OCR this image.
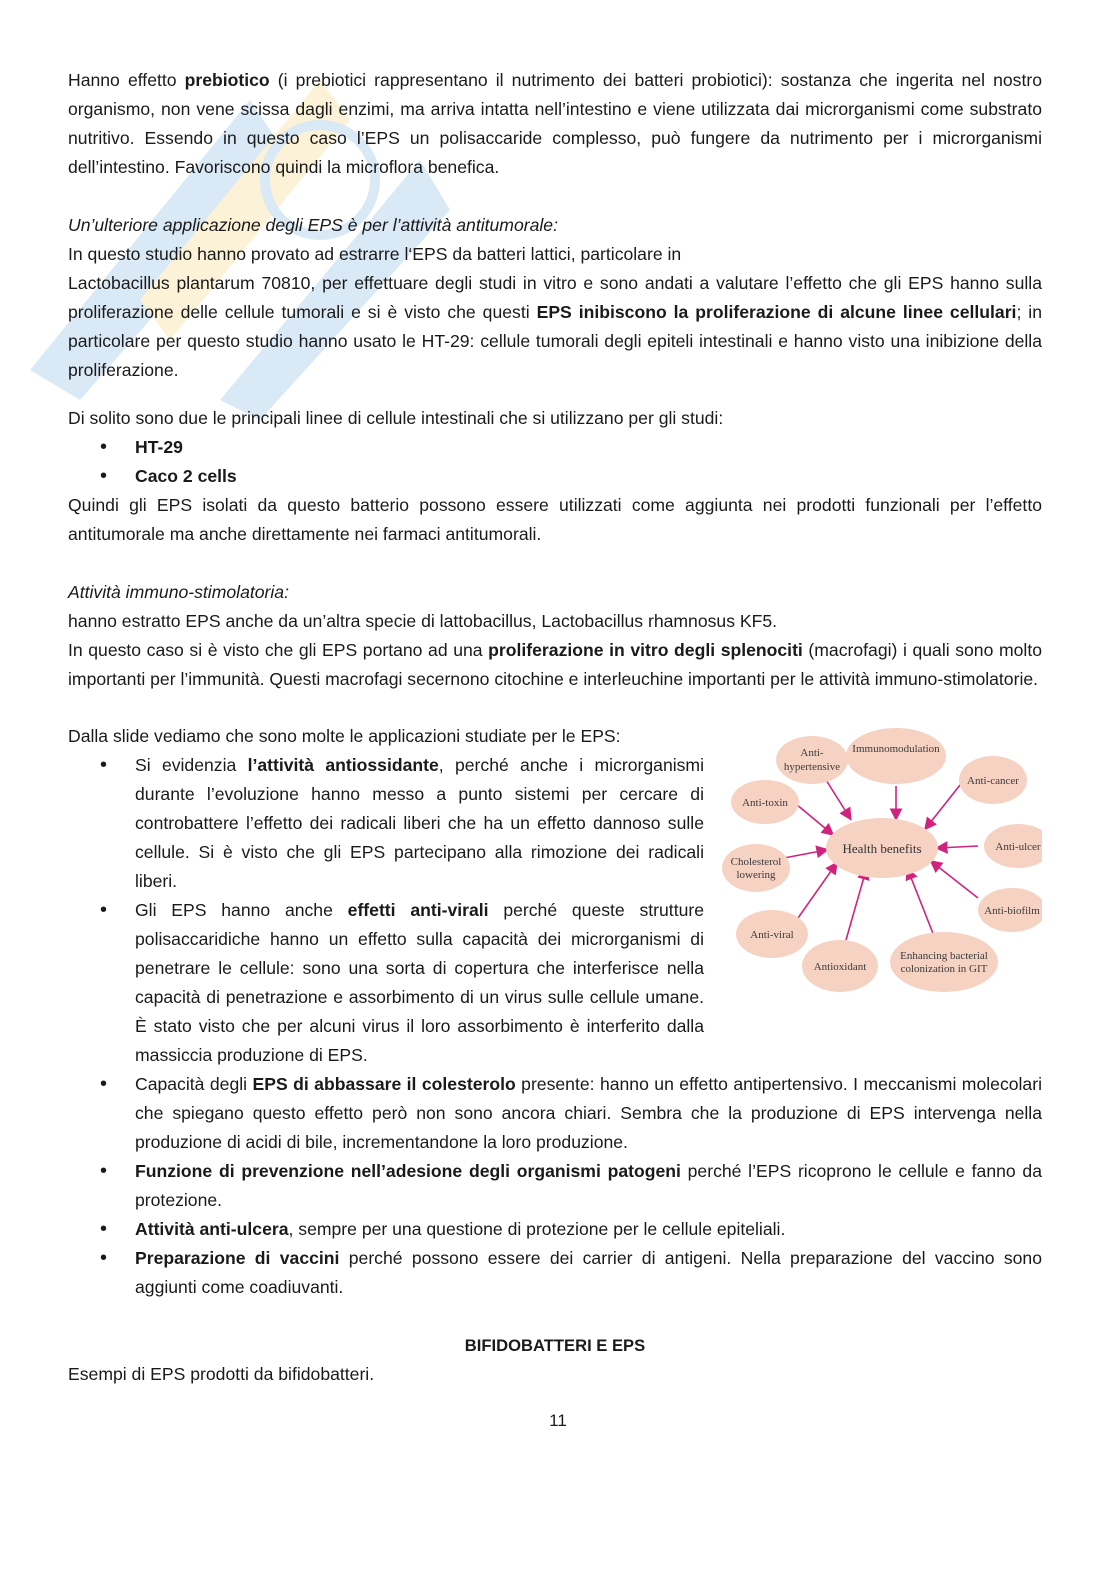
Hanno effetto prebiotico (i prebiotici rappresentano il nutrimento dei batteri probiotici): sostanza che ingerita nel nostro organismo, non vene scissa dagli enzimi, ma arriva intatta nell’intestino e viene utilizzata dai microrganismi come substrato nutritivo. Essendo in questo caso l’EPS un polisaccaride complesso, può fungere da nutrimento per i microrganismi dell’intestino. Favoriscono quindi la microflora benefica.

Un’ulteriore applicazione degli EPS è per l’attività antitumorale:

In questo studio hanno provato ad estrarre l‘EPS da batteri lattici, particolare in

Lactobacillus plantarum 70810, per effettuare degli studi in vitro e sono andati a valutare l’effetto che gli EPS hanno sulla proliferazione delle cellule tumorali e si è visto che questi EPS inibiscono la proliferazione di alcune linee cellulari; in particolare per questo studio hanno usato le HT-29: cellule tumorali degli epiteli intestinali e hanno visto una inibizione della proliferazione.

Di solito sono due le principali linee di cellule intestinali che si utilizzano per gli studi:

• HT-29
• Caco 2 cells

Quindi gli EPS isolati da questo batterio possono essere utilizzati come aggiunta nei prodotti funzionali per l’effetto antitumorale ma anche direttamente nei farmaci antitumorali.

Attività immuno-stimolatoria:

hanno estratto EPS anche da un’altra specie di lattobacillus, Lactobacillus rhamnosus KF5.

In questo caso si è visto che gli EPS portano ad una proliferazione in vitro degli splenociti (macrofagi) i quali sono molto importanti per l’immunità. Questi macrofagi secernono citochine e interleuchine importanti per le attività immuno-stimolatorie.

Anti-
hypertensive
Immunomodulation
Anti-cancer
Anti-toxin
Health benefits	Anti-ulcer
Cholesterol
lowering
Anti-biofilm
Anti-viral
Antioxidant
Enhancing bacterial
colonization in GIT

Dalla slide vediamo che sono molte le applicazioni studiate per le EPS:

• Si evidenzia l’attività antiossidante, perché anche i microrganismi durante l’evoluzione hanno messo a punto sistemi per cercare di controbattere l’effetto dei radicali liberi che ha un effetto dannoso sulle cellule. Si è visto che gli EPS partecipano alla rimozione dei radicali liberi.
• Gli EPS hanno anche effetti anti-virali perché queste strutture polisaccaridiche hanno un effetto sulla capacità dei microrganismi di penetrare le cellule: sono una sorta di copertura che interferisce nella capacità di penetrazione e assorbimento di un virus sulle cellule umane. È stato visto che per alcuni virus il loro assorbimento è interferito dalla massiccia produzione di EPS.
• Capacità degli EPS di abbassare il colesterolo presente: hanno un effetto antipertensivo. I meccanismi molecolari che spiegano questo effetto però non sono ancora chiari. Sembra che la produzione di EPS intervenga nella produzione di acidi di bile, incrementandone la loro produzione.
• Funzione di prevenzione nell’adesione degli organismi patogeni perché l’EPS ricoprono le cellule e fanno da protezione.
• Attività anti-ulcera, sempre per una questione di protezione per le cellule epiteliali.
• Preparazione di vaccini perché possono essere dei carrier di antigeni. Nella preparazione del vaccino sono aggiunti come coadiuvanti.

BIFIDOBATTERI E EPS

Esempi di EPS prodotti da bifidobatteri.

11
